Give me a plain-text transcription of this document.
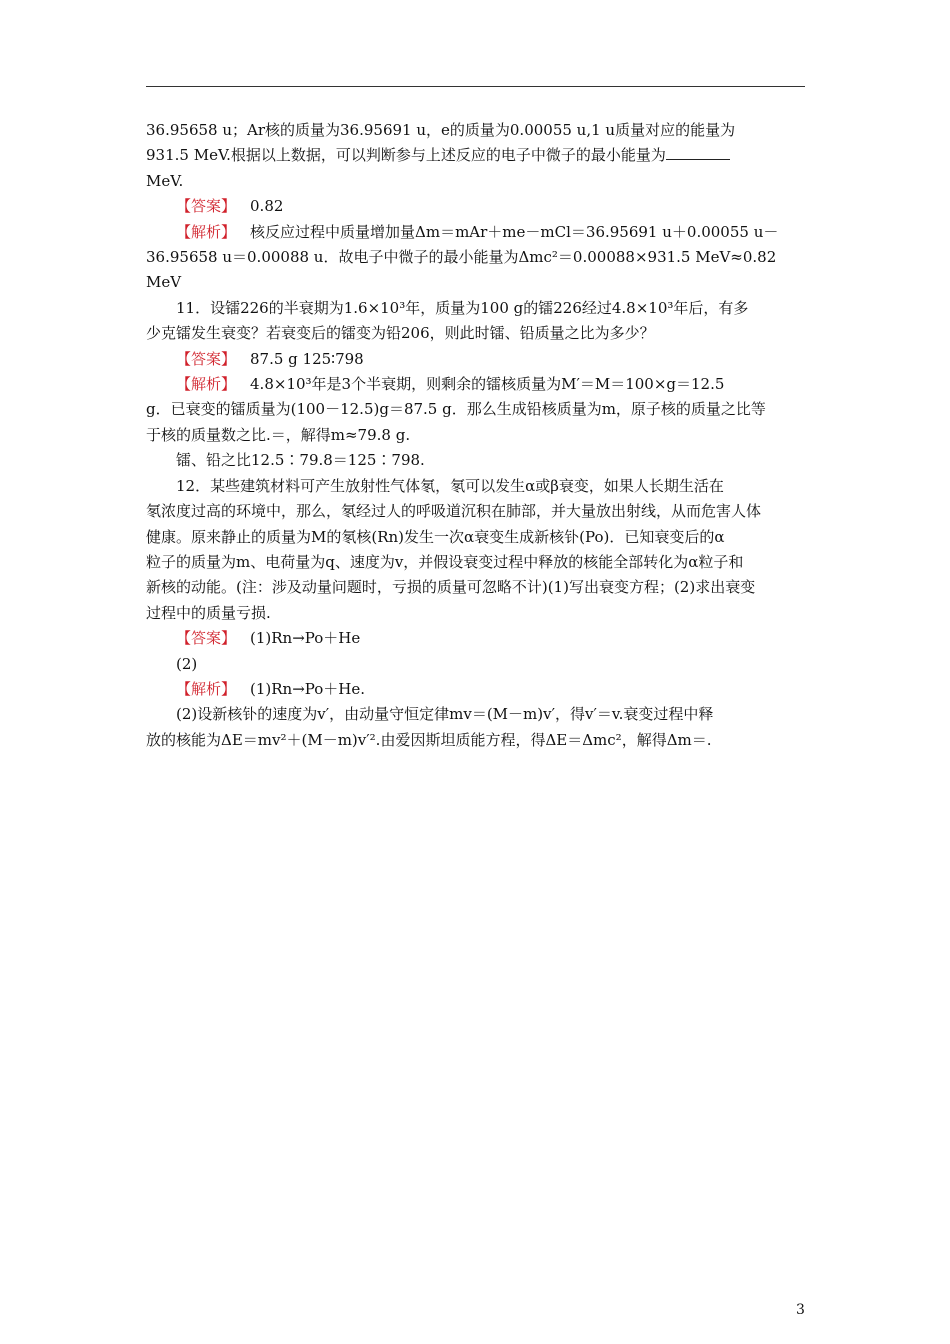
36.95658 u；Ar核的质量为36.95691 u，e的质量为0.00055 u,1 u质量对应的能量为
931.5 MeV.根据以上数据，可以判断参与上述反应的电子中微子的最小能量为
MeV.

【答案】 0.82

【解析】 核反应过程中质量增加量Δm＝mAr＋me－mCl＝36.95691 u＋0.00055 u－

36.95658 u＝0.00088 u．故电子中微子的最小能量为Δmc²＝0.00088×931.5 MeV≈0.82
MeV

11．设镭226的半衰期为1.6×10³年，质量为100 g的镭226经过4.8×10³年后，有多

少克镭发生衰变？若衰变后的镭变为铅206，则此时镭、铅质量之比为多少？

【答案】 87.5 g 125∶798

【解析】 4.8×10³年是3个半衰期，则剩余的镭核质量为M′＝M＝100×g＝12.5

g．已衰变的镭质量为(100－12.5)g＝87.5 g．那么生成铅核质量为m，原子核的质量之比等
于核的质量数之比.＝，解得m≈79.8 g.

镭、铅之比12.5∶79.8＝125∶798.

12．某些建筑材料可产生放射性气体氡，氡可以发生α或β衰变，如果人长期生活在

氡浓度过高的环境中，那么，氡经过人的呼吸道沉积在肺部，并大量放出射线，从而危害人体
健康。原来静止的质量为M的氡核(Rn)发生一次α衰变生成新核钋(Po)．已知衰变后的α
粒子的质量为m、电荷量为q、速度为v，并假设衰变过程中释放的核能全部转化为α粒子和
新核的动能。(注：涉及动量问题时，亏损的质量可忽略不计)(1)写出衰变方程；(2)求出衰变
过程中的质量亏损.

【答案】 (1)Rn→Po＋He

(2)

【解析】 (1)Rn→Po＋He.

(2)设新核钋的速度为v′，由动量守恒定律mv＝(M－m)v′，得v′＝v.衰变过程中释

放的核能为ΔE＝mv²＋(M－m)v′².由爱因斯坦质能方程，得ΔE＝Δmc²，解得Δm＝.

3
